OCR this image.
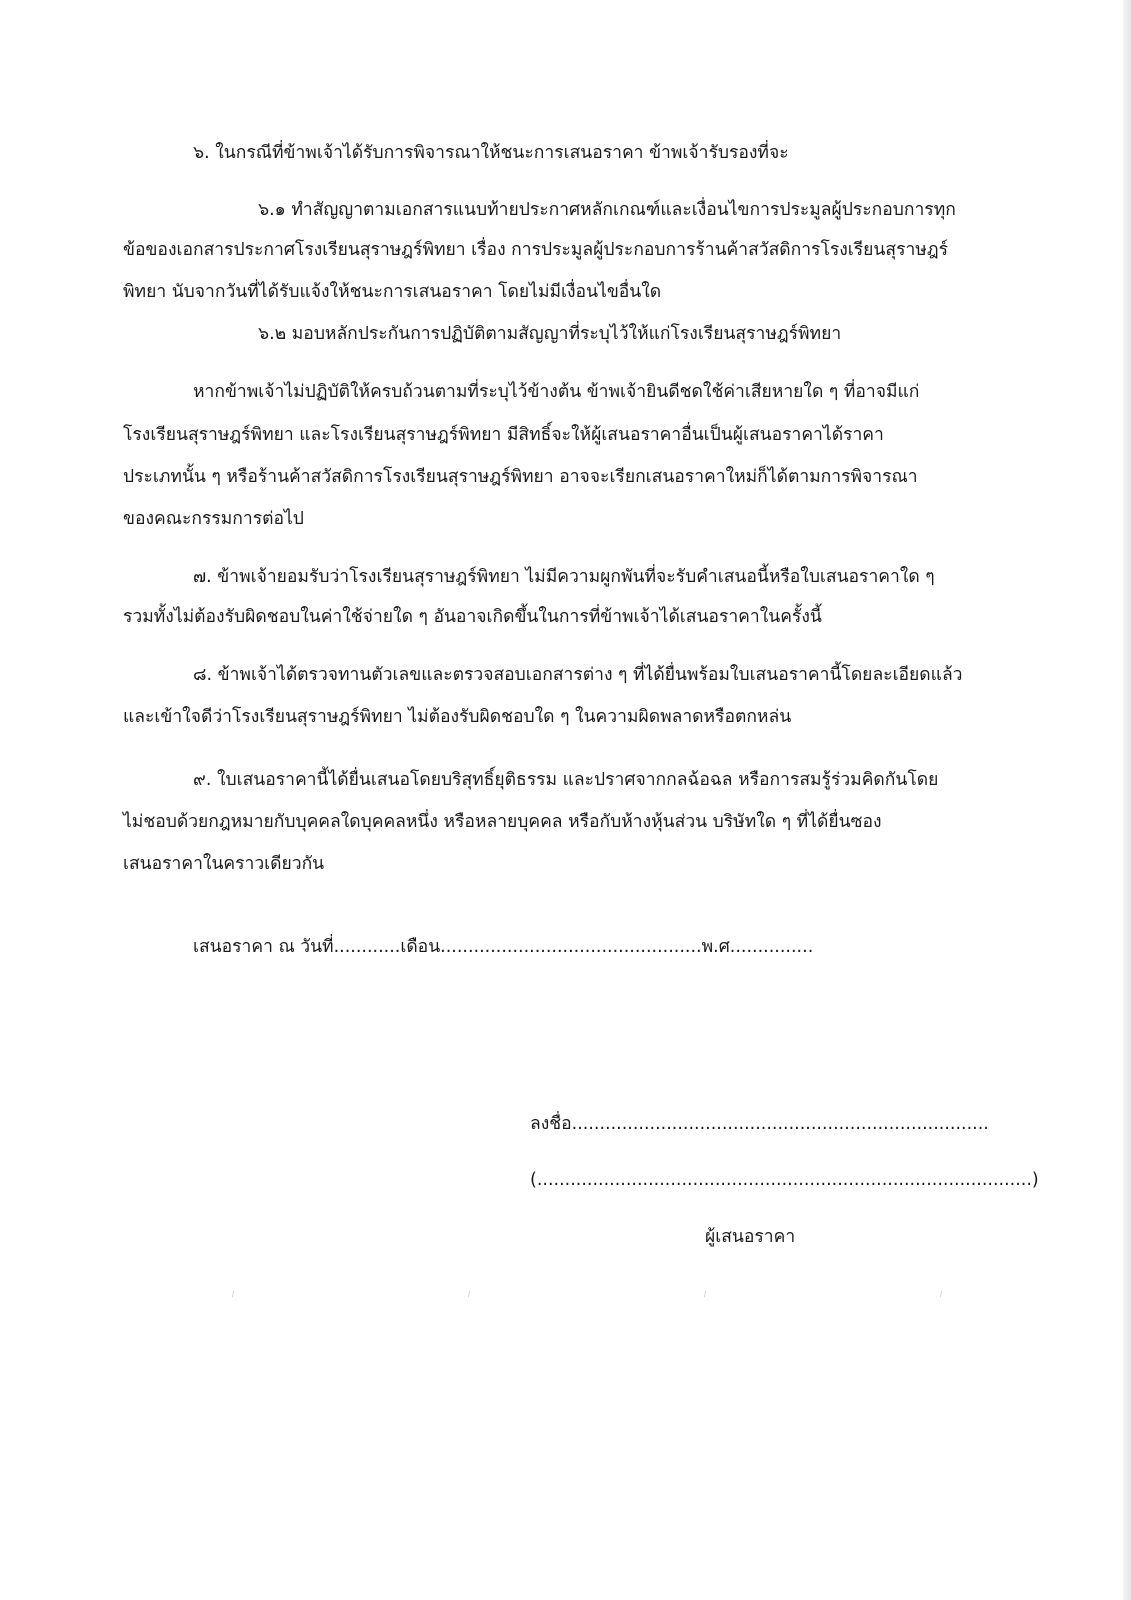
๖. ในกรณีที่ข้าพเจ้าได้รับการพิจารณาให้ชนะการเสนอราคา ข้าพเจ้ารับรองที่จะ
๖.๑ ทำสัญญาตามเอกสารแนบท้ายประกาศหลักเกณฑ์และเงื่อนไขการประมูลผู้ประกอบการทุก
ข้อของเอกสารประกาศโรงเรียนสุราษฎร์พิทยา เรื่อง การประมูลผู้ประกอบการร้านค้าสวัสดิการโรงเรียนสุราษฎร์
พิทยา นับจากวันที่ได้รับแจ้งให้ชนะการเสนอราคา โดยไม่มีเงื่อนไขอื่นใด
๖.๒ มอบหลักประกันการปฏิบัติตามสัญญาที่ระบุไว้ให้แก่โรงเรียนสุราษฎร์พิทยา
หากข้าพเจ้าไม่ปฏิบัติให้ครบถ้วนตามที่ระบุไว้ข้างต้น ข้าพเจ้ายินดีชดใช้ค่าเสียหายใด ๆ ที่อาจมีแก่
โรงเรียนสุราษฎร์พิทยา และโรงเรียนสุราษฎร์พิทยา มีสิทธิ์จะให้ผู้เสนอราคาอื่นเป็นผู้เสนอราคาได้ราคา
ประเภทนั้น ๆ หรือร้านค้าสวัสดิการโรงเรียนสุราษฎร์พิทยา อาจจะเรียกเสนอราคาใหม่ก็ได้ตามการพิจารณา
ของคณะกรรมการต่อไป
๗. ข้าพเจ้ายอมรับว่าโรงเรียนสุราษฎร์พิทยา ไม่มีความผูกพันที่จะรับคำเสนอนี้หรือใบเสนอราคาใด ๆ
รวมทั้งไม่ต้องรับผิดชอบในค่าใช้จ่ายใด ๆ อันอาจเกิดขึ้นในการที่ข้าพเจ้าได้เสนอราคาในครั้งนี้
๘. ข้าพเจ้าได้ตรวจทานตัวเลขและตรวจสอบเอกสารต่าง ๆ ที่ได้ยื่นพร้อมใบเสนอราคานี้โดยละเอียดแล้ว
และเข้าใจดีว่าโรงเรียนสุราษฎร์พิทยา ไม่ต้องรับผิดชอบใด ๆ ในความผิดพลาดหรือตกหล่น
๙. ใบเสนอราคานี้ได้ยื่นเสนอโดยบริสุทธิ์ยุติธรรม และปราศจากกลฉ้อฉล หรือการสมรู้ร่วมคิดกันโดย
ไม่ชอบด้วยกฎหมายกับบุคคลใดบุคคลหนึ่ง หรือหลายบุคคล หรือกับห้างหุ้นส่วน บริษัทใด ๆ ที่ได้ยื่นซอง
เสนอราคาในคราวเดียวกัน
เสนอราคา ณ วันที่............เดือน...............................................พ.ศ...............
ลงชื่อ...........................................................................
(.........................................................................................)
ผู้เสนอราคา
⸝	⸝	⸝	⸝
